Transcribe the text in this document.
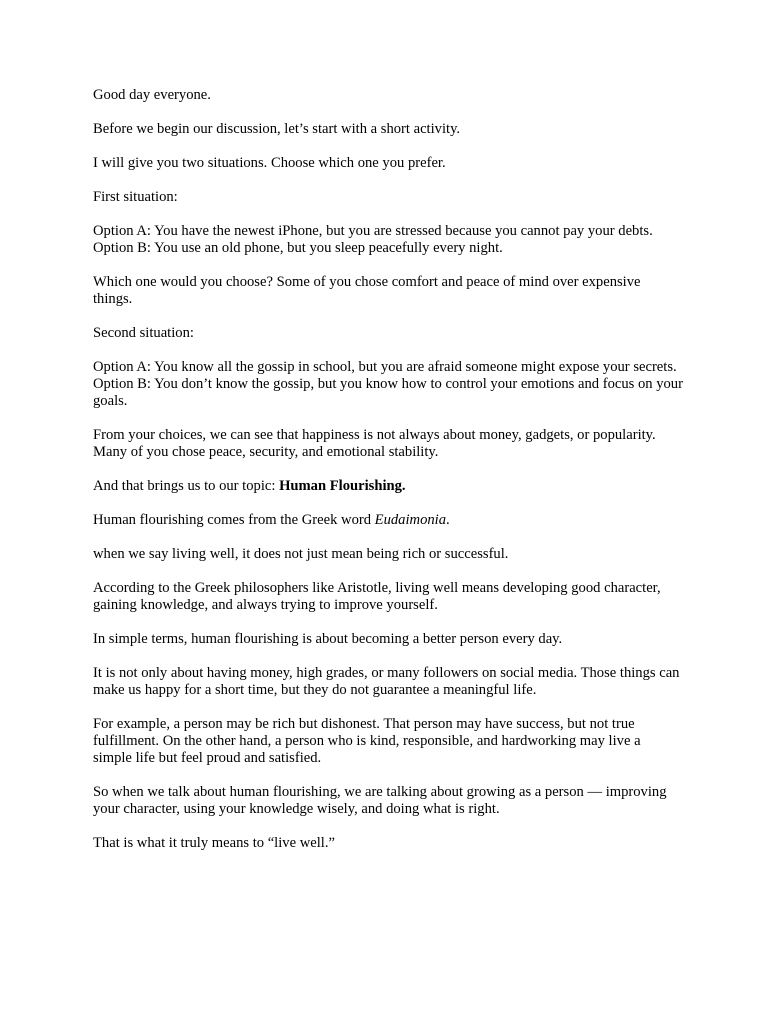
Good day everyone.

Before we begin our discussion, let’s start with a short activity.

I will give you two situations. Choose which one you prefer.

First situation:

Option A: You have the newest iPhone, but you are stressed because you cannot pay your debts.

Option B: You use an old phone, but you sleep peacefully every night.

Which one would you choose? Some of you chose comfort and peace of mind over expensive things.

Second situation:

Option A: You know all the gossip in school, but you are afraid someone might expose your secrets.

Option B: You don’t know the gossip, but you know how to control your emotions and focus on your goals.

From your choices, we can see that happiness is not always about money, gadgets, or popularity. Many of you chose peace, security, and emotional stability.

And that brings us to our topic: Human Flourishing.

Human flourishing comes from the Greek word Eudaimonia.

when we say living well, it does not just mean being rich or successful.

According to the Greek philosophers like Aristotle, living well means developing good character, gaining knowledge, and always trying to improve yourself.

In simple terms, human flourishing is about becoming a better person every day.

It is not only about having money, high grades, or many followers on social media. Those things can make us happy for a short time, but they do not guarantee a meaningful life.

For example, a person may be rich but dishonest. That person may have success, but not true fulfillment. On the other hand, a person who is kind, responsible, and hardworking may live a simple life but feel proud and satisfied.

So when we talk about human flourishing, we are talking about growing as a person — improving your character, using your knowledge wisely, and doing what is right.

That is what it truly means to “live well.”
